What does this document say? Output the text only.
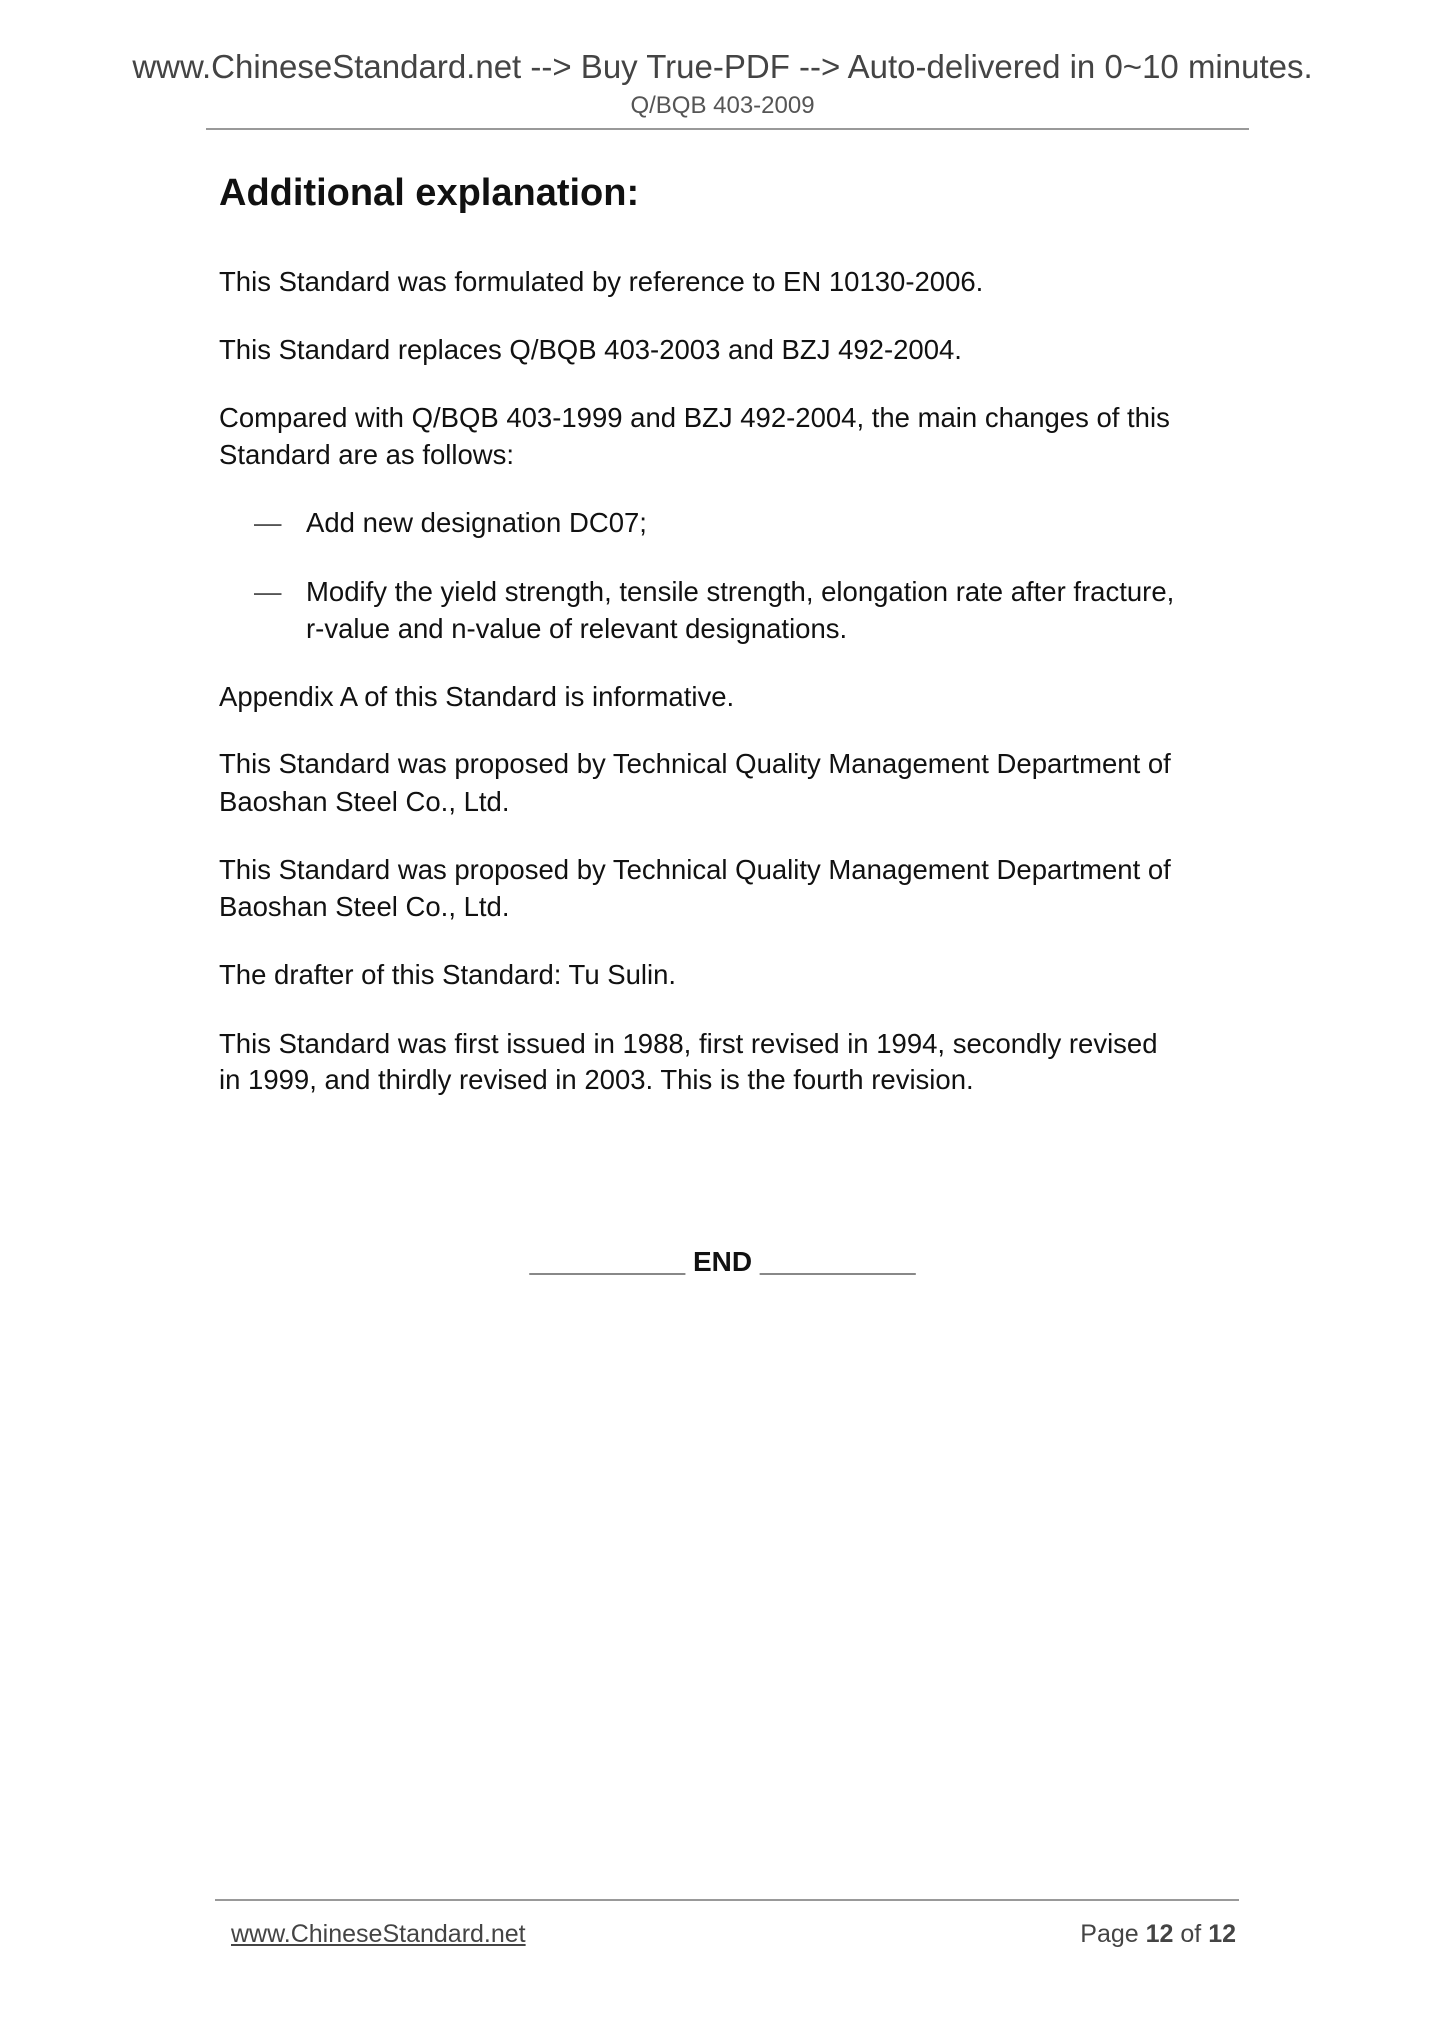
www.ChineseStandard.net --> Buy True-PDF --> Auto-delivered in 0~10 minutes.
Q/BQB 403-2009
Additional explanation:
This Standard was formulated by reference to EN 10130-2006.
This Standard replaces Q/BQB 403-2003 and BZJ 492-2004.
Compared with Q/BQB 403-1999 and BZJ 492-2004, the main changes of this
Standard are as follows:
— Add new designation DC07;
— Modify the yield strength, tensile strength, elongation rate after fracture,
r-value and n-value of relevant designations.
Appendix A of this Standard is informative.
This Standard was proposed by Technical Quality Management Department of
Baoshan Steel Co., Ltd.
This Standard was proposed by Technical Quality Management Department of
Baoshan Steel Co., Ltd.
The drafter of this Standard: Tu Sulin.
This Standard was first issued in 1988, first revised in 1994, secondly revised
in 1999, and thirdly revised in 2003. This is the fourth revision.
__________ END __________
www.ChineseStandard.net	Page 12 of 12
